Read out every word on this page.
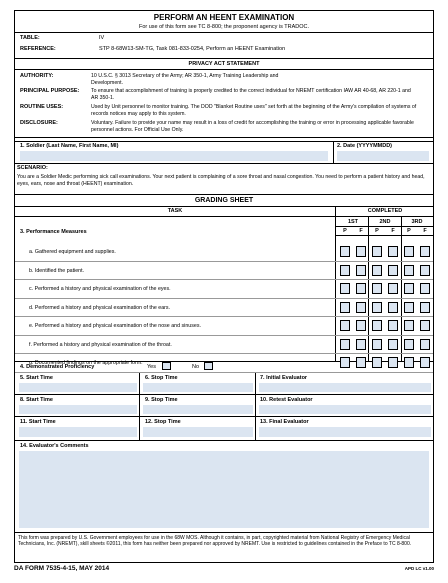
PERFORM AN HEENT EXAMINATION
For use of this form see TC 8-800; the proponent agency is TRADOC.
TABLE:	IV
REFERENCE:	STP 8-68W13-SM-TG, Task 081-833-0254, Perform an HEENT Examination
PRIVACY ACT STATEMENT
AUTHORITY:	10 U.S.C. § 3013 Secretary of the Army; AR 350-1, Army Training Leadership and Development.
PRINCIPAL PURPOSE: To ensure that accomplishment of training is properly credited to the correct individual for NREMT certification IAW AR 40-68, AR 220-1 and AR 350-1.
ROUTINE USES:	Used by Unit personnel to monitor training. The DOD "Blanket Routine uses" set forth at the beginning of the Army's compilation of systems of records notices may apply to this system.
DISCLOSURE:	Voluntary. Failure to provide your name may result in a loss of credit for accomplishing the training or error in processing applicable favorable personnel actions. For Official Use Only.
1. Soldier (Last Name, First Name, MI)	2. Date (YYYYMMDD)
SCENARIO:
You are a Soldier Medic performing sick call examinations. Your next patient is complaining of a sore throat and nasal congestion. You need to perform a patient history and head, eyes, ears, nose and throat (HEENT) examination.
GRADING SHEET
TASK	COMPLETED
1ST	2ND	3RD
P	F	P	F	P	F
3. Performance Measures
4. Demonstrated Proficiency	Yes	No
5. Start Time	6. Stop Time	7. Initial Evaluator
8. Start Time	9. Stop Time	10. Retest Evaluator
11. Start Time	12. Stop Time	13. Final Evaluator
14. Evaluator's Comments
This form was prepared by U.S. Government employees for use in the 68W MOS. Although it contains, in part, copyrighted material from National Registry of Emergency Medical Technicians, Inc. (NREMT), skill sheets ©2011, this form has neither been prepared nor approved by NREMT. Use is restricted to guidelines contained in the Preface to TC 8-800.
a. Gathered equipment and supplies.
b. Identified the patient.
c. Performed a history and physical examination of the eyes.
d. Performed a history and physical examination of the ears.
e. Performed a history and physical examination of the nose and sinuses.
f. Performed a history and physical examination of the throat.
g. Documented findings on the appropriate form.
DA FORM 7535-4-15, MAY 2014	APD LC v1.00
